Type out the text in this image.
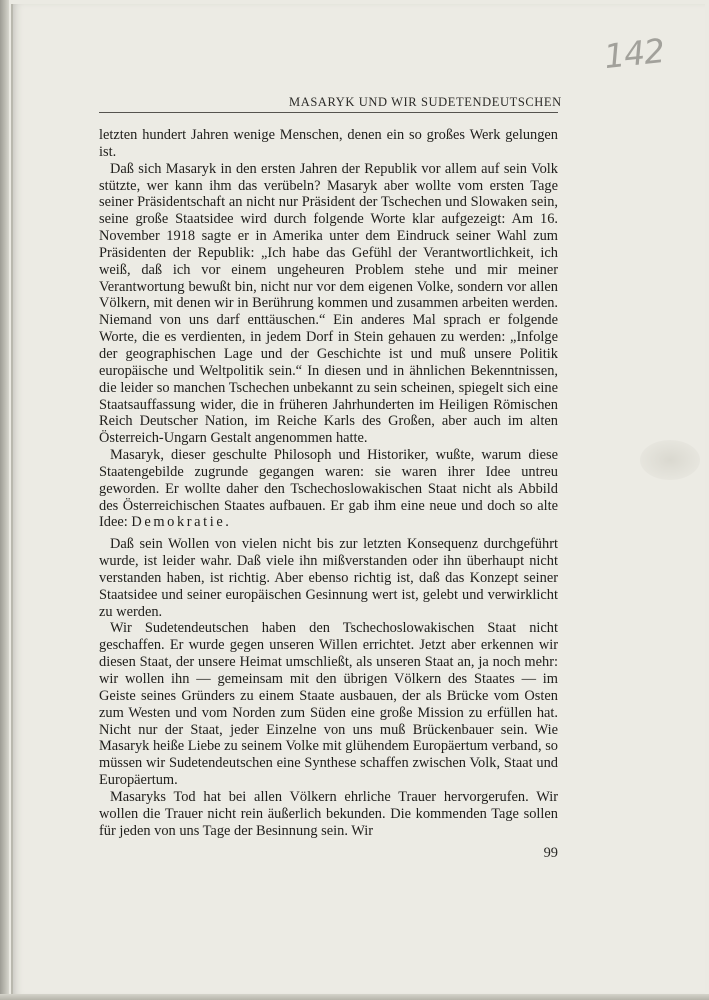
142
MASARYK UND WIR SUDETENDEUTSCHEN

letzten hundert Jahren wenige Menschen, denen ein so großes Werk gelungen ist.

Daß sich Masaryk in den ersten Jahren der Republik vor allem auf sein Volk stützte, wer kann ihm das verübeln? Masaryk aber wollte vom ersten Tage seiner Präsidentschaft an nicht nur Präsident der Tschechen und Slowaken sein, seine große Staatsidee wird durch folgende Worte klar aufgezeigt: Am 16. November 1918 sagte er in Amerika unter dem Eindruck seiner Wahl zum Präsidenten der Republik: „Ich habe das Gefühl der Verantwortlichkeit, ich weiß, daß ich vor einem ungeheuren Problem stehe und mir meiner Verantwortung bewußt bin, nicht nur vor dem eigenen Volke, sondern vor allen Völkern, mit denen wir in Berührung kommen und zusammen arbeiten werden. Niemand von uns darf enttäuschen.“ Ein anderes Mal sprach er folgende Worte, die es verdienten, in jedem Dorf in Stein gehauen zu werden: „Infolge der geographischen Lage und der Geschichte ist und muß unsere Politik europäische und Weltpolitik sein.“ In diesen und in ähnlichen Bekenntnissen, die leider so manchen Tschechen unbekannt zu sein scheinen, spiegelt sich eine Staatsauffassung wider, die in früheren Jahrhunderten im Heiligen Römischen Reich Deutscher Nation, im Reiche Karls des Großen, aber auch im alten Österreich-Ungarn Gestalt angenommen hatte.

Masaryk, dieser geschulte Philosoph und Historiker, wußte, warum diese Staatengebilde zugrunde gegangen waren: sie waren ihrer Idee untreu geworden. Er wollte daher den Tschechoslowakischen Staat nicht als Abbild des Österreichischen Staates aufbauen. Er gab ihm eine neue und doch so alte Idee: Demokratie.

Daß sein Wollen von vielen nicht bis zur letzten Konsequenz durchgeführt wurde, ist leider wahr. Daß viele ihn mißverstanden oder ihn überhaupt nicht verstanden haben, ist richtig. Aber ebenso richtig ist, daß das Konzept seiner Staatsidee und seiner europäischen Gesinnung wert ist, gelebt und verwirklicht zu werden.

Wir Sudetendeutschen haben den Tschechoslowakischen Staat nicht geschaffen. Er wurde gegen unseren Willen errichtet. Jetzt aber erkennen wir diesen Staat, der unsere Heimat umschließt, als unseren Staat an, ja noch mehr: wir wollen ihn — gemeinsam mit den übrigen Völkern des Staates — im Geiste seines Gründers zu einem Staate ausbauen, der als Brücke vom Osten zum Westen und vom Norden zum Süden eine große Mission zu erfüllen hat. Nicht nur der Staat, jeder Einzelne von uns muß Brückenbauer sein. Wie Masaryk heiße Liebe zu seinem Volke mit glühendem Europäertum verband, so müssen wir Sudetendeutschen eine Synthese schaffen zwischen Volk, Staat und Europäertum.

Masaryks Tod hat bei allen Völkern ehrliche Trauer hervorgerufen. Wir wollen die Trauer nicht rein äußerlich bekunden. Die kommenden Tage sollen für jeden von uns Tage der Besinnung sein. Wir

99
